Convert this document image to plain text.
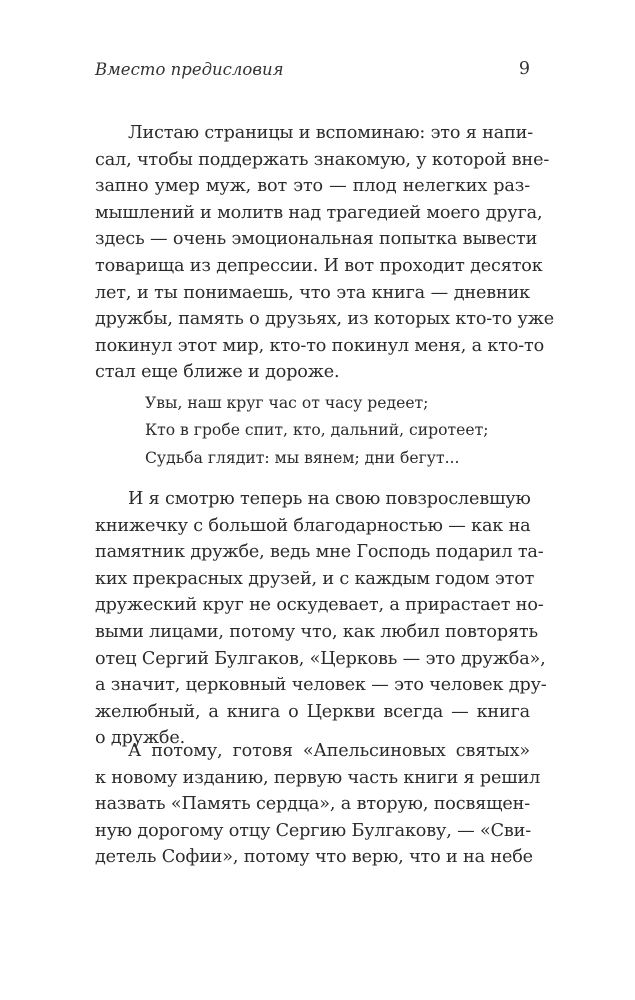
Вместо предисловия	9
Листаю страницы и вспоминаю: это я напи-
сал, чтобы поддержать знакомую, у которой вне-
запно умер муж, вот это — плод нелегких раз-
мышлений и молитв над трагедией моего друга,
здесь — очень эмоциональная попытка вывести
товарища из депрессии. И вот проходит десяток
лет, и ты понимаешь, что эта книга — дневник
дружбы, память о друзьях, из которых кто-то уже
покинул этот мир, кто-то покинул меня, а кто-то
стал еще ближе и дороже.
Увы, наш круг час от часу редеет;
Кто в гробе спит, кто, дальний, сиротеет;
Судьба глядит: мы вянем; дни бегут...
И я смотрю теперь на свою повзрослевшую
книжечку с большой благодарностью — как на
памятник дружбе, ведь мне Господь подарил та-
ких прекрасных друзей, и с каждым годом этот
дружеский круг не оскудевает, а прирастает но-
выми лицами, потому что, как любил повторять
отец Сергий Булгаков, «Церковь — это дружба»,
а значит, церковный человек — это человек дру-
желюбный, а книга о Церкви всегда — книга
о дружбе.
А потому, готовя «Апельсиновых святых»
к новому изданию, первую часть книги я решил
назвать «Память сердца», а вторую, посвящен-
ную дорогому отцу Сергию Булгакову, — «Сви-
детель Софии», потому что верю, что и на небе
